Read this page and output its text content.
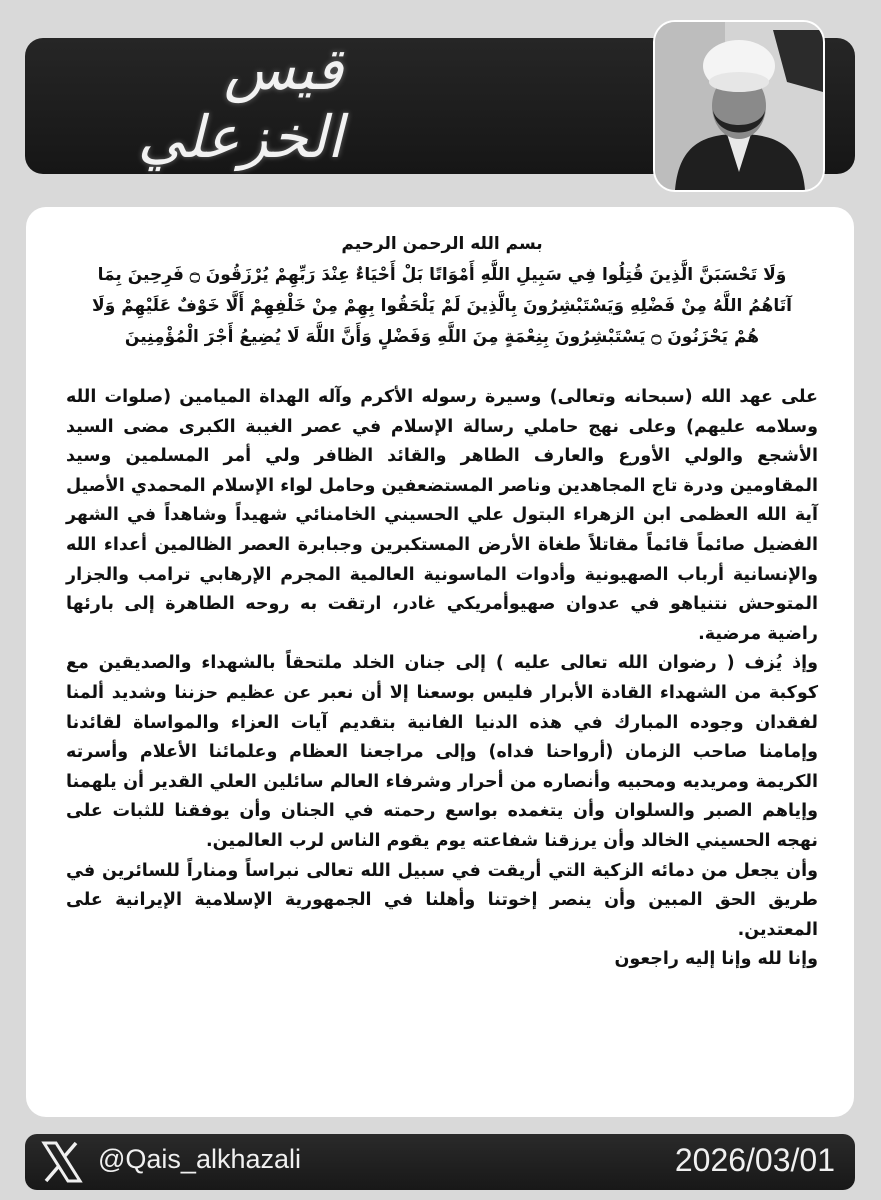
قيس الخزعلي

بسم الله الرحمن الرحيم
وَلَا تَحْسَبَنَّ الَّذِينَ قُتِلُوا فِي سَبِيلِ اللَّهِ أَمْوَاتًا بَلْ أَحْيَاءٌ عِنْدَ رَبِّهِمْ يُرْزَقُونَ ۝ فَرِحِينَ بِمَا
آتَاهُمُ اللَّهُ مِنْ فَضْلِهِ وَيَسْتَبْشِرُونَ بِالَّذِينَ لَمْ يَلْحَقُوا بِهِمْ مِنْ خَلْفِهِمْ أَلَّا خَوْفٌ عَلَيْهِمْ وَلَا
هُمْ يَحْزَنُونَ ۝ يَسْتَبْشِرُونَ بِنِعْمَةٍ مِنَ اللَّهِ وَفَضْلٍ وَأَنَّ اللَّهَ لَا يُضِيعُ أَجْرَ الْمُؤْمِنِينَ

على عهد الله (سبحانه وتعالى) وسيرة رسوله الأكرم وآله الهداة الميامين (صلوات الله وسلامه عليهم) وعلى نهج حاملي رسالة الإسلام في عصر الغيبة الكبرى مضى السيد الأشجع والولي الأورع والعارف الطاهر والقائد الظافر ولي أمر المسلمين وسيد المقاومين ودرة تاج المجاهدين وناصر المستضعفين وحامل لواء الإسلام المحمدي الأصيل آية الله العظمى ابن الزهراء البتول علي الحسيني الخامنائي شهيداً وشاهداً في الشهر الفضيل صائماً قائماً مقاتلاً طغاة الأرض المستكبرين وجبابرة العصر الظالمين أعداء الله والإنسانية أرباب الصهيونية وأدوات الماسونية العالمية المجرم الإرهابي ترامب والجزار المتوحش نتنياهو في عدوان صهيوأمريكي غادر، ارتقت به روحه الطاهرة إلى بارئها راضية مرضية.

وإذ يُزف ( رضوان الله تعالى عليه ) إلى جنان الخلد ملتحقاً بالشهداء والصديقين مع كوكبة من الشهداء القادة الأبرار فليس بوسعنا إلا أن نعبر عن عظيم حزننا وشديد ألمنا لفقدان وجوده المبارك في هذه الدنيا الفانية بتقديم آيات العزاء والمواساة لقائدنا وإمامنا صاحب الزمان (أرواحنا فداه) وإلى مراجعنا العظام وعلمائنا الأعلام وأسرته الكريمة ومريديه ومحبيه وأنصاره من أحرار وشرفاء العالم سائلين العلي القدير أن يلهمنا وإياهم الصبر والسلوان وأن يتغمده بواسع رحمته في الجنان وأن يوفقنا للثبات على نهجه الحسيني الخالد وأن يرزقنا شفاعته يوم يقوم الناس لرب العالمين.

وأن يجعل من دمائه الزكية التي أريقت في سبيل الله تعالى نبراساً ومناراً للسائرين في طريق الحق المبين وأن ينصر إخوتنا وأهلنا في الجمهورية الإسلامية الإيرانية على المعتدين.

وإنا لله وإنا إليه راجعون

@Qais_alkhazali	2026/03/01
